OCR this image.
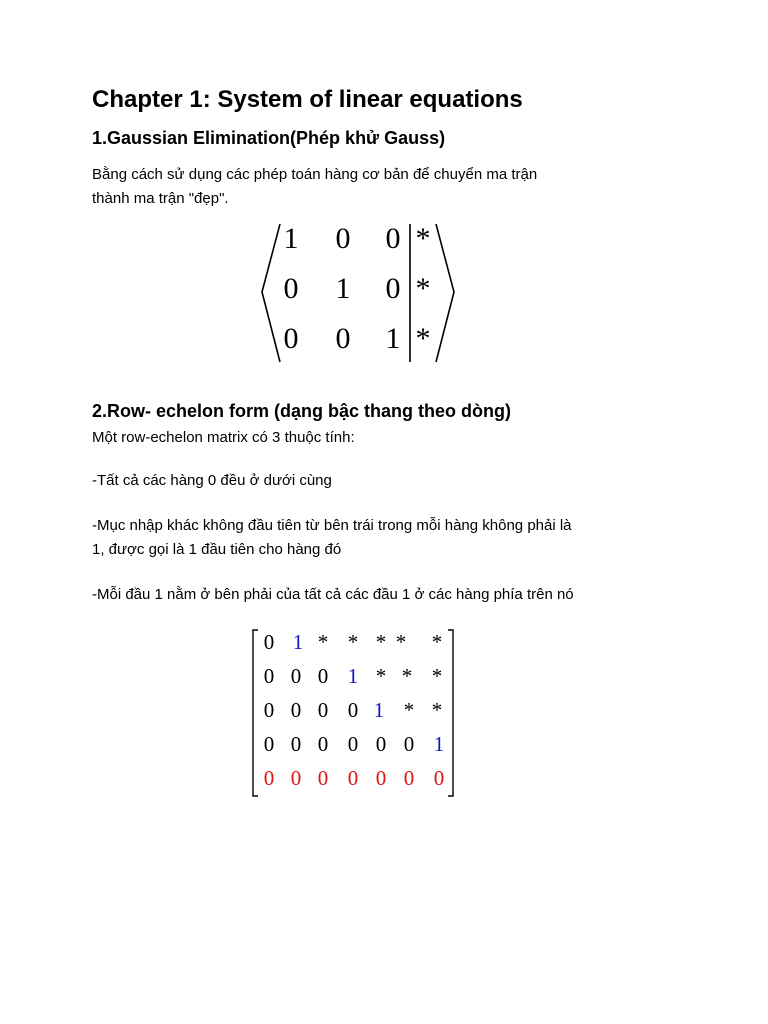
Chapter 1: System of linear equations
1.Gaussian Elimination(Phép khử Gauss)
Bằng cách sử dụng các phép toán hàng cơ bản để chuyển ma trận
thành ma trận "đẹp".
1 0 0 *
0 1 0 *
0 0 1 *
2.Row- echelon form (dạng bậc thang theo dòng)
Một row-echelon matrix có 3 thuộc tính:
-Tất cả các hàng 0 đều ở dưới cùng
-Mục nhập khác không đầu tiên từ bên trái trong mỗi hàng không phải là
1, được gọi là 1 đầu tiên cho hàng đó
-Mỗi đầu 1 nằm ở bên phải của tất cả các đầu 1 ở các hàng phía trên nó
0 1 * * * * *
0 0 0 1 * * *
0 0 0 0 1 * *
0 0 0 0 0 0 1
0 0 0 0 0 0 0
